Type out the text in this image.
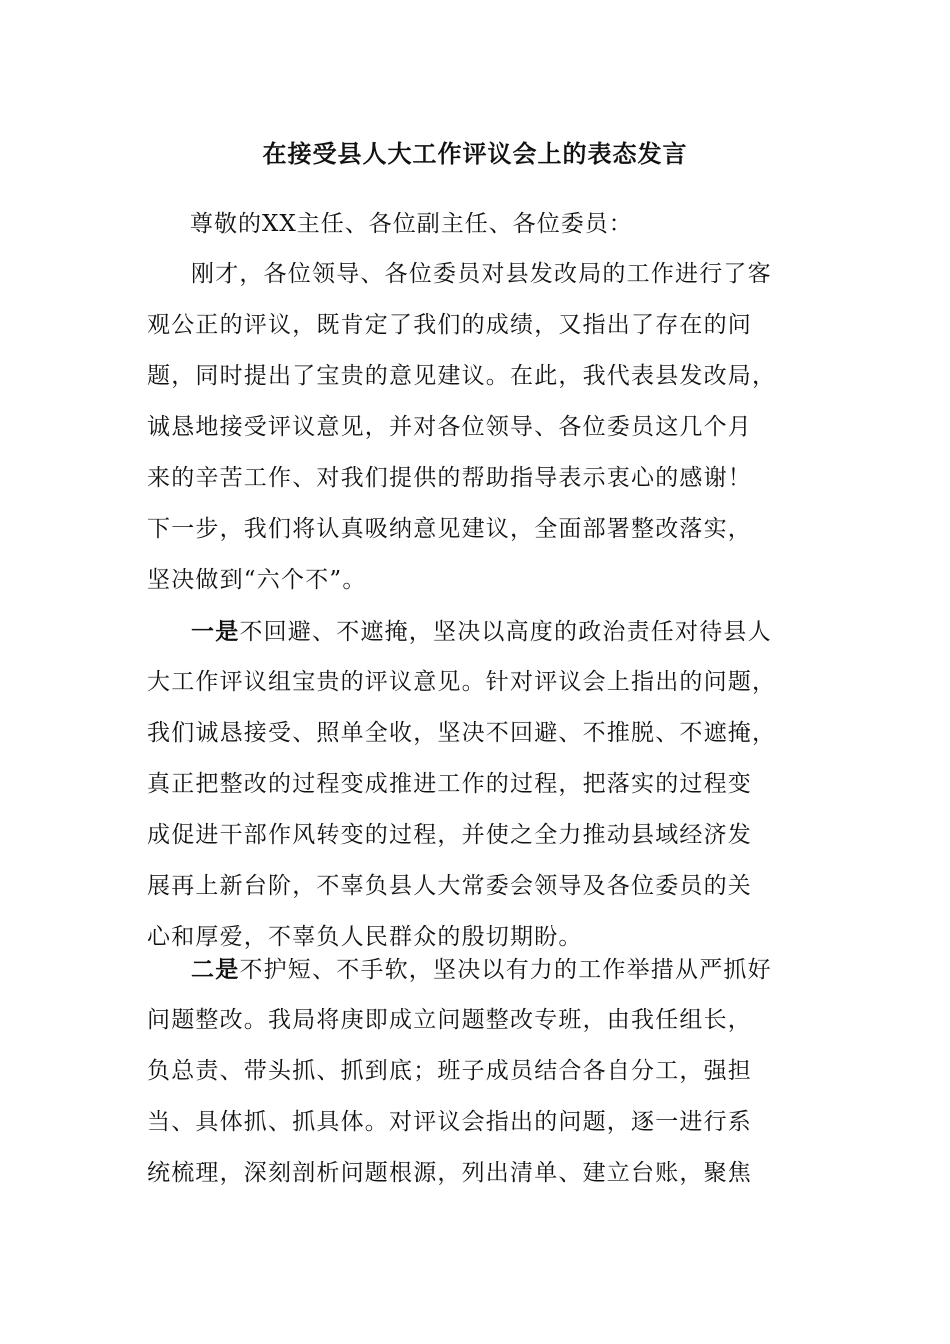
在接受县人大工作评议会上的表态发言
尊敬的XX主任、各位副主任、各位委员：
刚才，各位领导、各位委员对县发改局的工作进行了客
观公正的评议，既肯定了我们的成绩，又指出了存在的问
题，同时提出了宝贵的意见建议。在此，我代表县发改局，
诚恳地接受评议意见，并对各位领导、各位委员这几个月
来的辛苦工作、对我们提供的帮助指导表示衷心的感谢！
下一步，我们将认真吸纳意见建议，全面部署整改落实，
坚决做到“六个不”。
一是不回避、不遮掩，坚决以高度的政治责任对待县人
大工作评议组宝贵的评议意见。针对评议会上指出的问题，
我们诚恳接受、照单全收，坚决不回避、不推脱、不遮掩，
真正把整改的过程变成推进工作的过程，把落实的过程变
成促进干部作风转变的过程，并使之全力推动县域经济发
展再上新台阶，不辜负县人大常委会领导及各位委员的关
心和厚爱，不辜负人民群众的殷切期盼。
二是不护短、不手软，坚决以有力的工作举措从严抓好
问题整改。我局将庚即成立问题整改专班，由我任组长，
负总责、带头抓、抓到底；班子成员结合各自分工，强担
当、具体抓、抓具体。对评议会指出的问题，逐一进行系
统梳理，深刻剖析问题根源，列出清单、建立台账，聚焦
